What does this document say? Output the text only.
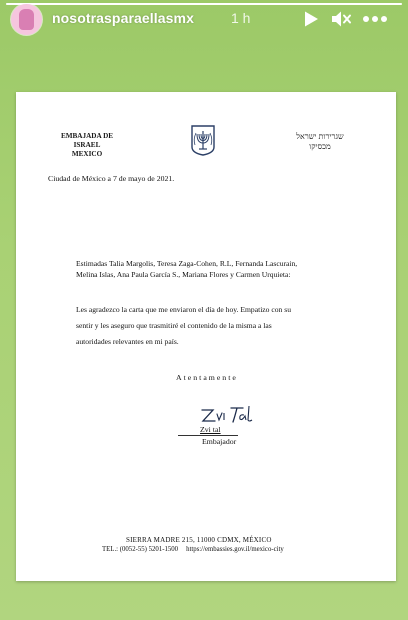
nosotrasparaellasmx	1 h
EMBAJADA DE ISRAEL
MEXICO
שגרירות ישראל
מכסיקו
Ciudad de México a 7 de mayo de 2021.
Estimadas Talia Margolis, Teresa Zaga-Cohen, R.L, Fernanda Lascurain,
Melina Islas, Ana Paula García S., Mariana Flores y Carmen Urquieta:
Les agradezco la carta que me enviaron el día de hoy. Empatizo con su
sentir y les aseguro que trasmitiré el contenido de la misma a las
autoridades relevantes en mi país.
Atentamente
Zvi tal
Embajador
SIERRA MADRE 215, 11000 CDMX, MÉXICO
TEL.: (0052-55) 5201-1500 https://embassies.gov.il/mexico-city
